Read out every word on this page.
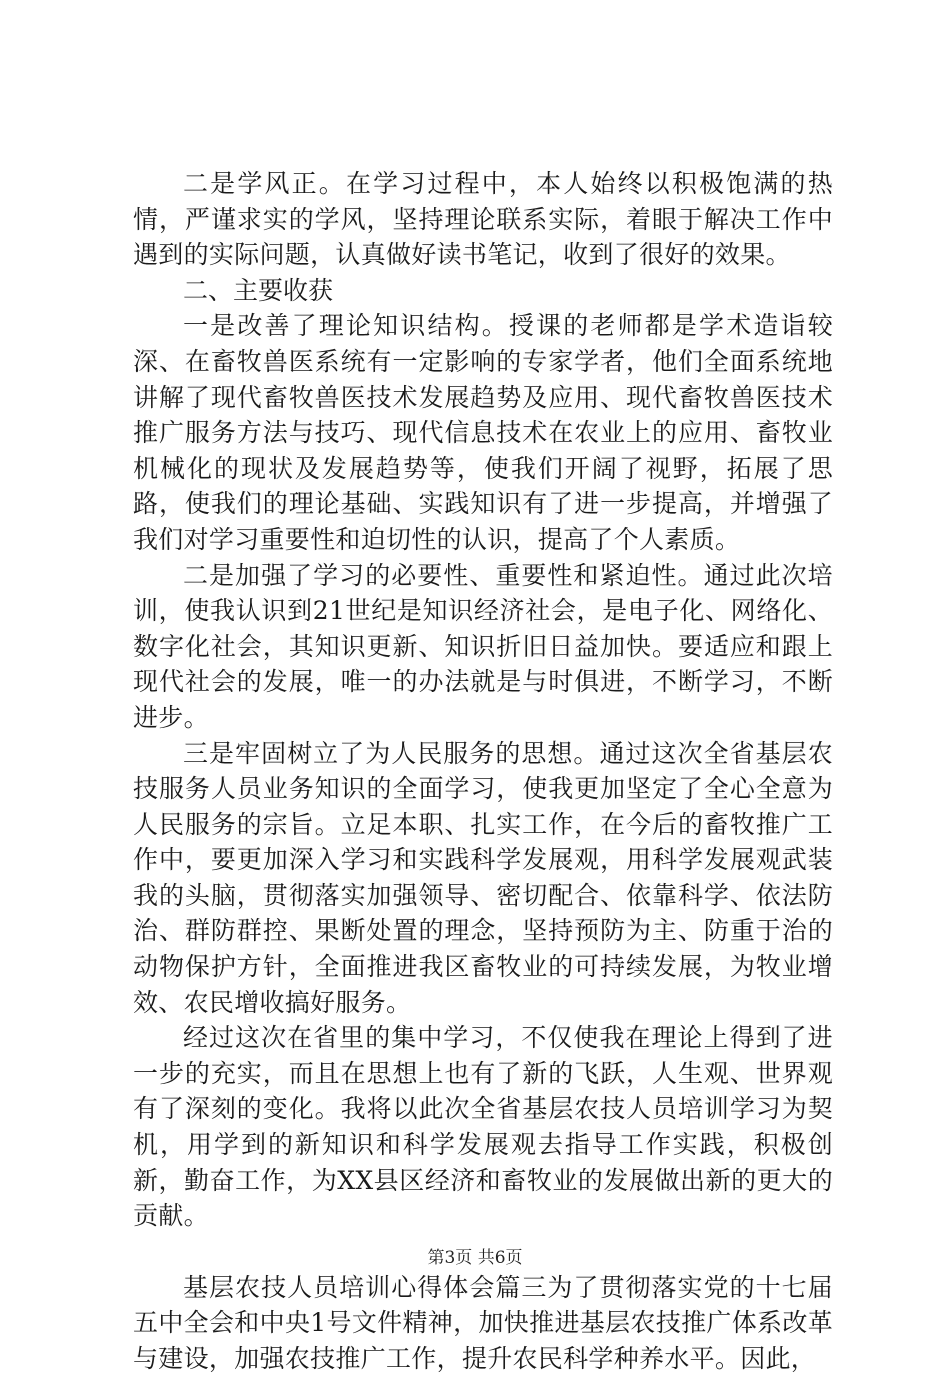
二是学风正。在学习过程中，本人始终以积极饱满的热情，严谨求实的学风，坚持理论联系实际，着眼于解决工作中遇到的实际问题，认真做好读书笔记，收到了很好的效果。

二、主要收获

一是改善了理论知识结构。授课的老师都是学术造诣较深、在畜牧兽医系统有一定影响的专家学者，他们全面系统地讲解了现代畜牧兽医技术发展趋势及应用、现代畜牧兽医技术推广服务方法与技巧、现代信息技术在农业上的应用、畜牧业机械化的现状及发展趋势等，使我们开阔了视野，拓展了思路，使我们的理论基础、实践知识有了进一步提高，并增强了我们对学习重要性和迫切性的认识，提高了个人素质。

二是加强了学习的必要性、重要性和紧迫性。通过此次培训，使我认识到21世纪是知识经济社会，是电子化、网络化、数字化社会，其知识更新、知识折旧日益加快。要适应和跟上现代社会的发展，唯一的办法就是与时俱进，不断学习，不断进步。

三是牢固树立了为人民服务的思想。通过这次全省基层农技服务人员业务知识的全面学习，使我更加坚定了全心全意为人民服务的宗旨。立足本职、扎实工作，在今后的畜牧推广工作中，要更加深入学习和实践科学发展观，用科学发展观武装我的头脑，贯彻落实加强领导、密切配合、依靠科学、依法防治、群防群控、果断处置的理念，坚持预防为主、防重于治的动物保护方针，全面推进我区畜牧业的可持续发展，为牧业增效、农民增收搞好服务。

经过这次在省里的集中学习，不仅使我在理论上得到了进一步的充实，而且在思想上也有了新的飞跃，人生观、世界观有了深刻的变化。我将以此次全省基层农技人员培训学习为契机，用学到的新知识和科学发展观去指导工作实践，积极创新，勤奋工作，为XX县区经济和畜牧业的发展做出新的更大的贡献。

基层农技人员培训心得体会篇三为了贯彻落实党的十七届五中全会和中央1号文件精神，加快推进基层农技推广体系改革与建设，加强农技推广工作，提升农民科学种养水平。因此，

第3页 共6页
